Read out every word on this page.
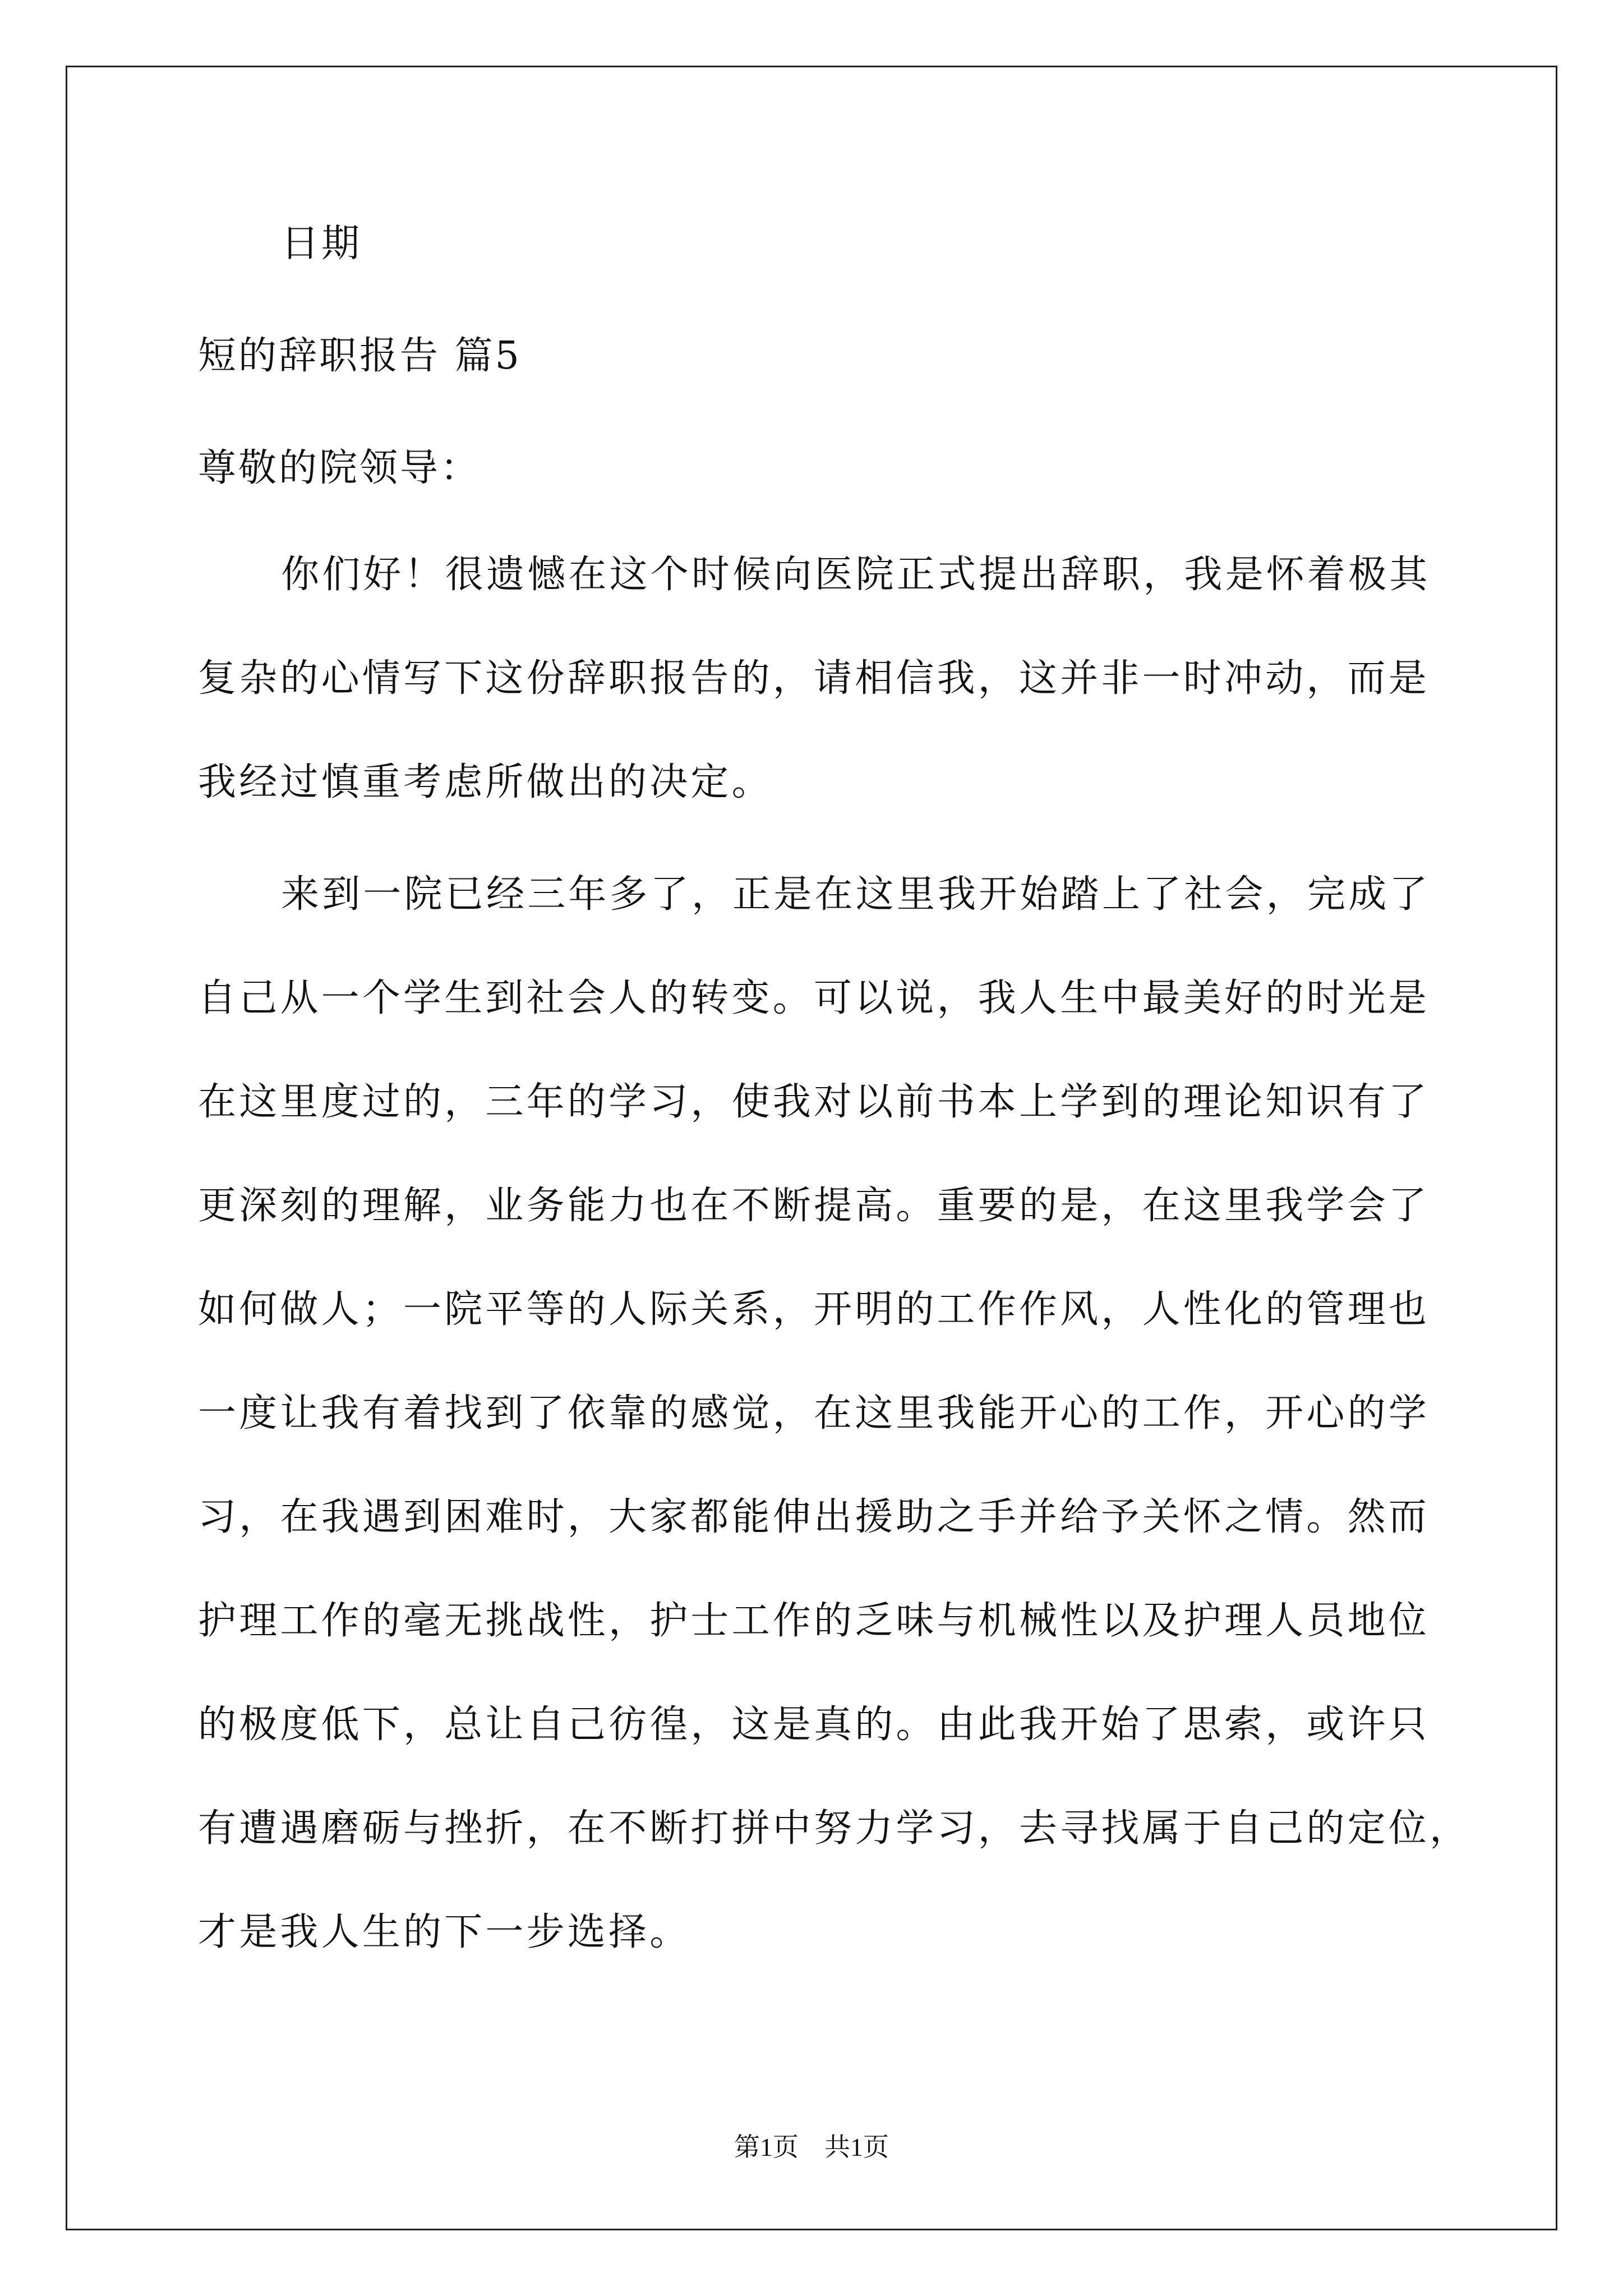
日期
短的辞职报告 篇5
尊敬的院领导：
你们好！很遗憾在这个时候向医院正式提出辞职，我是怀着极其
复杂的心情写下这份辞职报告的，请相信我，这并非一时冲动，而是
我经过慎重考虑所做出的决定。
来到一院已经三年多了，正是在这里我开始踏上了社会，完成了
自己从一个学生到社会人的转变。可以说，我人生中最美好的时光是
在这里度过的，三年的学习，使我对以前书本上学到的理论知识有了
更深刻的理解，业务能力也在不断提高。重要的是，在这里我学会了
如何做人；一院平等的人际关系，开明的工作作风，人性化的管理也
一度让我有着找到了依靠的感觉，在这里我能开心的工作，开心的学
习，在我遇到困难时，大家都能伸出援助之手并给予关怀之情。然而
护理工作的毫无挑战性，护士工作的乏味与机械性以及护理人员地位
的极度低下，总让自己彷徨，这是真的。由此我开始了思索，或许只
有遭遇磨砺与挫折，在不断打拼中努力学习，去寻找属于自己的定位，
才是我人生的下一步选择。
第1页　共1页
